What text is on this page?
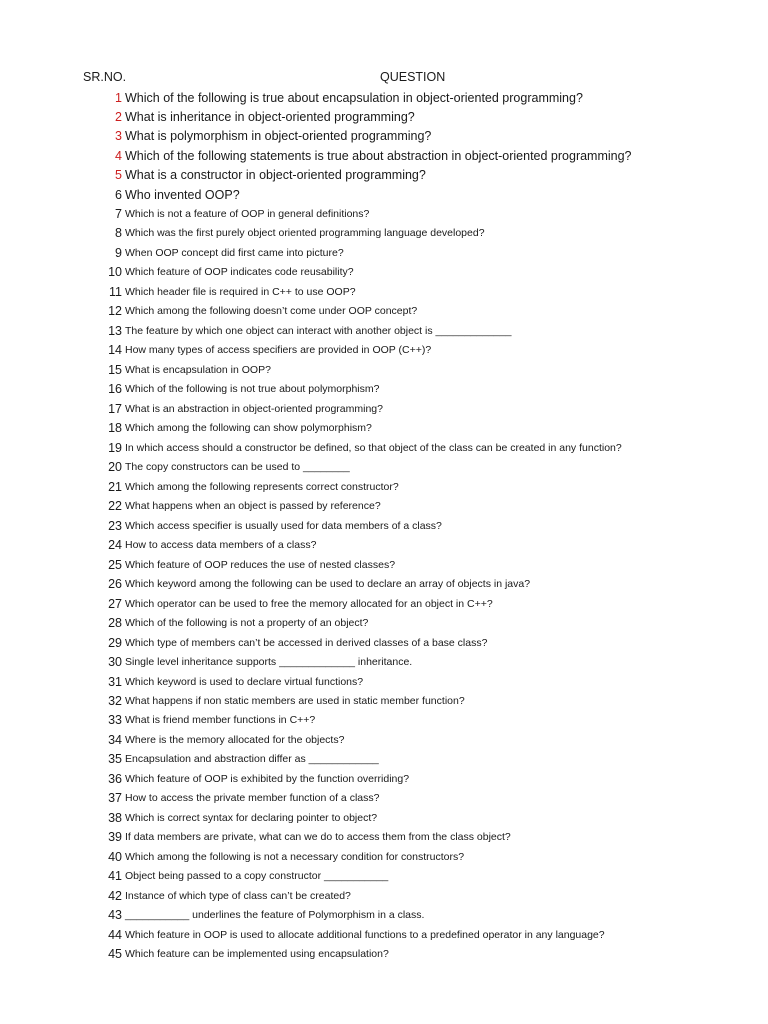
SR.NO.	QUESTION
1 Which of the following is true about encapsulation in object-oriented programming?
2 What is inheritance in object-oriented programming?
3 What is polymorphism in object-oriented programming?
4 Which of the following statements is true about abstraction in object-oriented programming?
5 What is a constructor in object-oriented programming?
6 Who invented OOP?
7 Which is not a feature of OOP in general definitions?
8 Which was the first purely object oriented programming language developed?
9 When OOP concept did first came into picture?
10 Which feature of OOP indicates code reusability?
11 Which header file is required in C++ to use OOP?
12 Which among the following doesn’t come under OOP concept?
13 The feature by which one object can interact with another object is _____________
14 How many types of access specifiers are provided in OOP (C++)?
15 What is encapsulation in OOP?
16 Which of the following is not true about polymorphism?
17 What is an abstraction in object-oriented programming?
18 Which among the following can show polymorphism?
19 In which access should a constructor be defined, so that object of the class can be created in any function?
20 The copy constructors can be used to ________
21 Which among the following represents correct constructor?
22 What happens when an object is passed by reference?
23 Which access specifier is usually used for data members of a class?
24 How to access data members of a class?
25 Which feature of OOP reduces the use of nested classes?
26 Which keyword among the following can be used to declare an array of objects in java?
27 Which operator can be used to free the memory allocated for an object in C++?
28 Which of the following is not a property of an object?
29 Which type of members can’t be accessed in derived classes of a base class?
30 Single level inheritance supports _____________ inheritance.
31 Which keyword is used to declare virtual functions?
32 What happens if non static members are used in static member function?
33 What is friend member functions in C++?
34 Where is the memory allocated for the objects?
35 Encapsulation and abstraction differ as ____________
36 Which feature of OOP is exhibited by the function overriding?
37 How to access the private member function of a class?
38 Which is correct syntax for declaring pointer to object?
39 If data members are private, what can we do to access them from the class object?
40 Which among the following is not a necessary condition for constructors?
41 Object being passed to a copy constructor ___________
42 Instance of which type of class can’t be created?
43 ___________ underlines the feature of Polymorphism in a class.
44 Which feature in OOP is used to allocate additional functions to a predefined operator in any language?
45 Which feature can be implemented using encapsulation?
